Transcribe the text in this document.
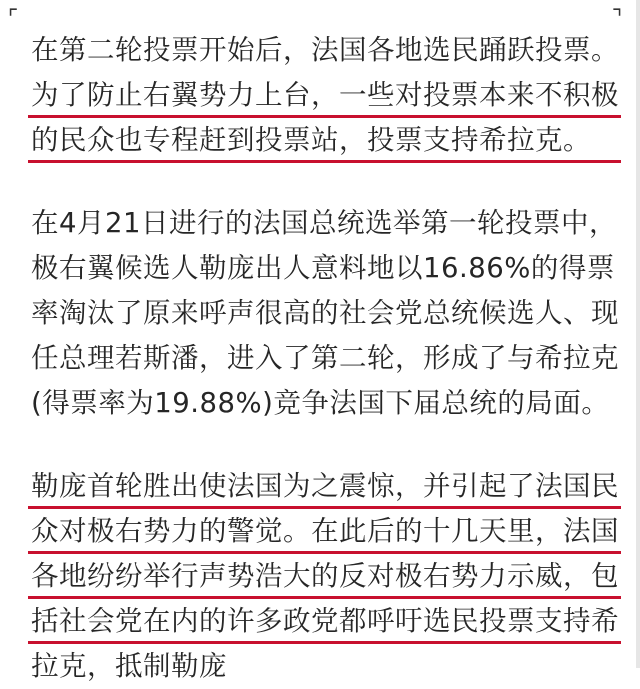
⌜	⌝
在第二轮投票开始后，法国各地选民踊跃投票。
为了防止右翼势力上台，一些对投票本来不积极
的民众也专程赶到投票站，投票支持希拉克。
在4月21日进行的法国总统选举第一轮投票中，
极右翼候选人勒庞出人意料地以16.86%的得票
率淘汰了原来呼声很高的社会党总统候选人、现
任总理若斯潘，进入了第二轮，形成了与希拉克
(得票率为19.88%)竞争法国下届总统的局面。
勒庞首轮胜出使法国为之震惊，并引起了法国民
众对极右势力的警觉。在此后的十几天里，法国
各地纷纷举行声势浩大的反对极右势力示威，包
括社会党在内的许多政党都呼吁选民投票支持希
拉克，抵制勒庞
